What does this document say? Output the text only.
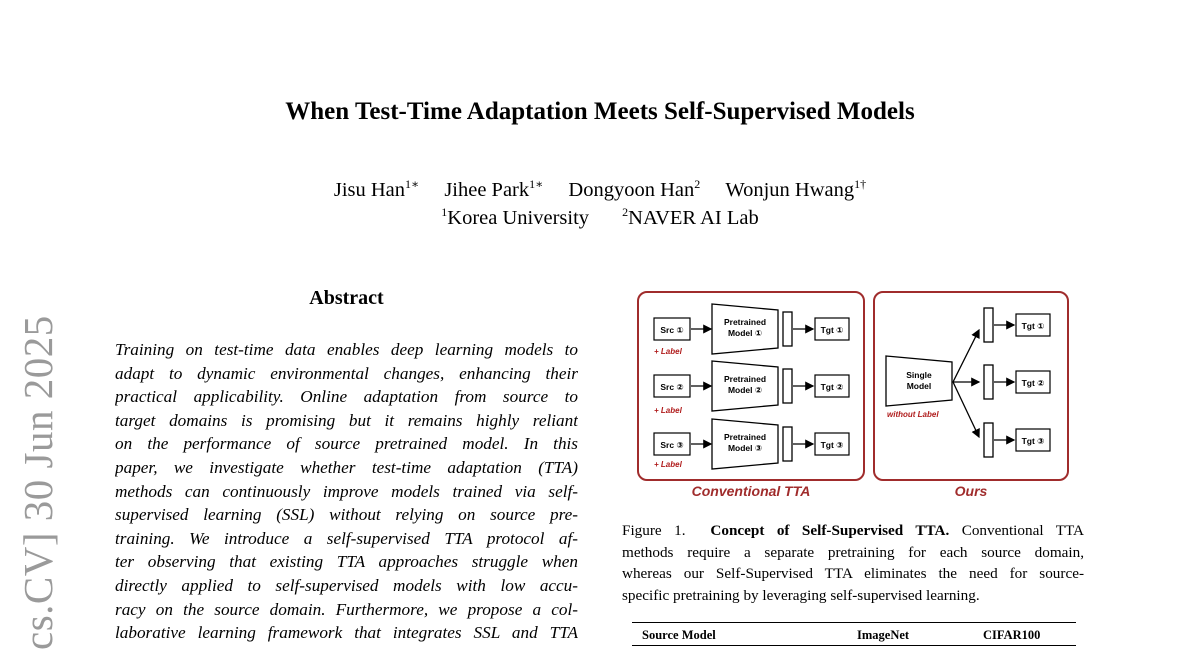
cs.CV] 30 Jun 2025
When Test-Time Adaptation Meets Self-Supervised Models
Jisu Han$^{1∗}$ Jihee Park$^{1∗}$ Dongyoon Han$^2$ Wonjun Hwang$^{1\dagger}$
$^1$Korea University	$^2$NAVER AI Lab
Abstract
Training on test-time data enables deep learning models to
adapt to dynamic environmental changes, enhancing their
practical applicability. Online adaptation from source to
target domains is promising but it remains highly reliant
on the performance of source pretrained model. In this
paper, we investigate whether test-time adaptation (TTA)
methods can continuously improve models trained via self-
supervised learning (SSL) without relying on source pre-
training. We introduce a self-supervised TTA protocol af-
ter observing that existing TTA approaches struggle when
directly applied to self-supervised models with low accu-
racy on the source domain. Furthermore, we propose a col-
laborative learning framework that integrates SSL and TTA
Src ①
+ Label
Pretrained
Model ①	Tgt ①
Src ②
+ Label
Pretrained
Model ②	Tgt ②
Src ③
+ Label
Pretrained
Model ③	Tgt ③
Conventional TTA
Single
Model
without Label
Tgt ①
Tgt ②
Tgt ③
Ours
Figure 1. Concept of Self-Supervised TTA. Conventional TTA
methods require a separate pretraining for each source domain,
whereas our Self-Supervised TTA eliminates the need for source-
specific pretraining by leveraging self-supervised learning.
Source Model	ImageNet	CIFAR100
